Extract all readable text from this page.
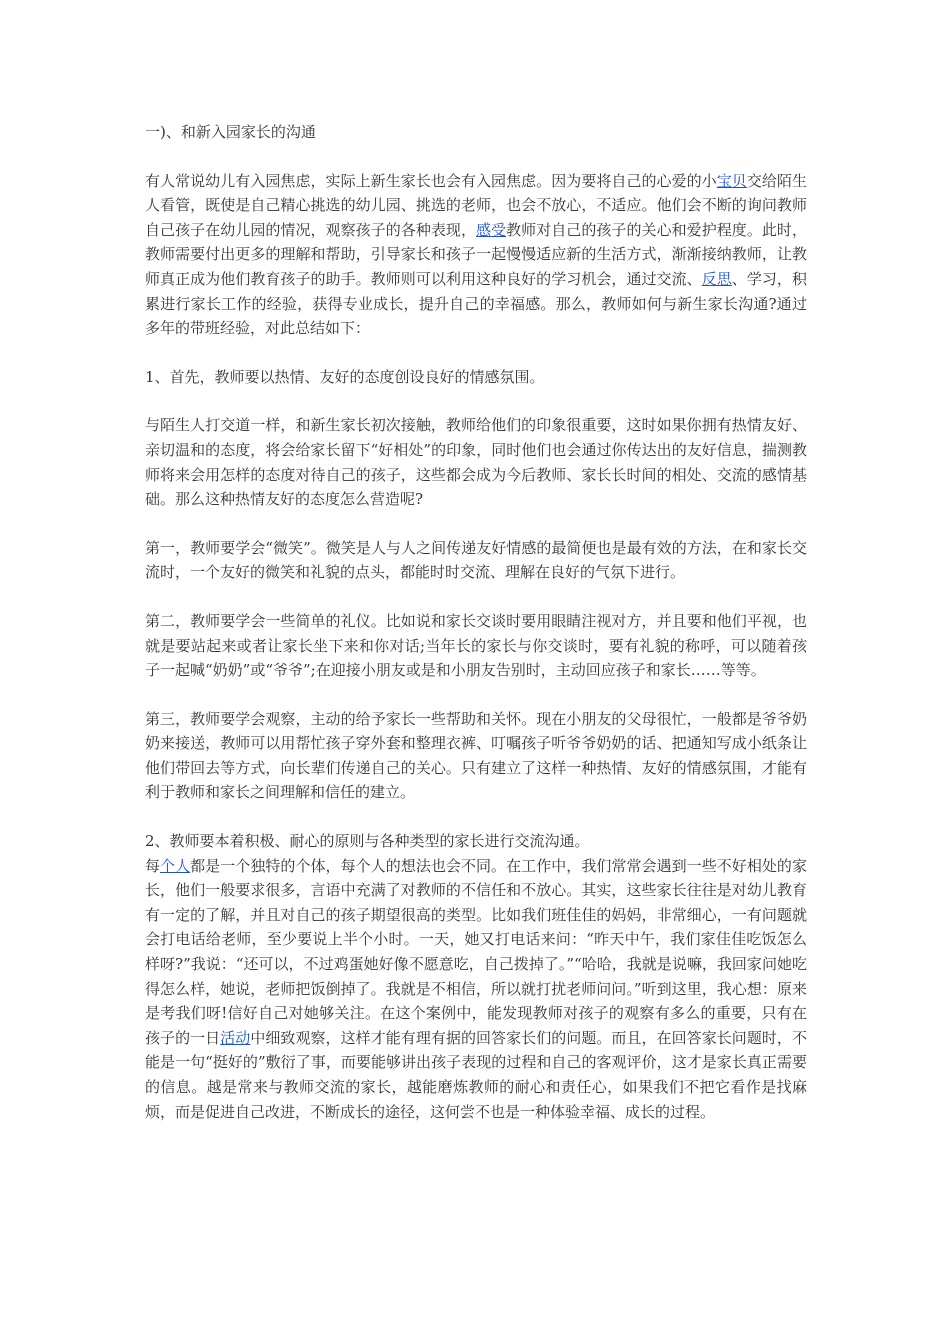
一)、和新入园家长的沟通

有人常说幼儿有入园焦虑，实际上新生家长也会有入园焦虑。因为要将自己的心爱的小宝贝交给陌生人看管，既使是自己精心挑选的幼儿园、挑选的老师，也会不放心，不适应。他们会不断的询问教师自己孩子在幼儿园的情况，观察孩子的各种表现，感受教师对自己的孩子的关心和爱护程度。此时，教师需要付出更多的理解和帮助，引导家长和孩子一起慢慢适应新的生活方式，渐渐接纳教师，让教师真正成为他们教育孩子的助手。教师则可以利用这种良好的学习机会，通过交流、反思、学习，积累进行家长工作的经验，获得专业成长，提升自己的幸福感。那么，教师如何与新生家长沟通?通过多年的带班经验，对此总结如下：

1、首先，教师要以热情、友好的态度创设良好的情感氛围。

与陌生人打交道一样，和新生家长初次接触，教师给他们的印象很重要，这时如果你拥有热情友好、亲切温和的态度，将会给家长留下“好相处”的印象，同时他们也会通过你传达出的友好信息，揣测教师将来会用怎样的态度对待自己的孩子，这些都会成为今后教师、家长长时间的相处、交流的感情基础。那么这种热情友好的态度怎么营造呢?

第一，教师要学会“微笑”。微笑是人与人之间传递友好情感的最简便也是最有效的方法，在和家长交流时，一个友好的微笑和礼貌的点头，都能时时交流、理解在良好的气氛下进行。

第二，教师要学会一些简单的礼仪。比如说和家长交谈时要用眼睛注视对方，并且要和他们平视，也就是要站起来或者让家长坐下来和你对话;当年长的家长与你交谈时，要有礼貌的称呼，可以随着孩子一起喊“奶奶”或“爷爷”;在迎接小朋友或是和小朋友告别时，主动回应孩子和家长……等等。

第三，教师要学会观察，主动的给予家长一些帮助和关怀。现在小朋友的父母很忙，一般都是爷爷奶奶来接送，教师可以用帮忙孩子穿外套和整理衣裤、叮嘱孩子听爷爷奶奶的话、把通知写成小纸条让他们带回去等方式，向长辈们传递自己的关心。只有建立了这样一种热情、友好的情感氛围，才能有利于教师和家长之间理解和信任的建立。

2、教师要本着积极、耐心的原则与各种类型的家长进行交流沟通。

每个人都是一个独特的个体，每个人的想法也会不同。在工作中，我们常常会遇到一些不好相处的家长，他们一般要求很多，言语中充满了对教师的不信任和不放心。其实，这些家长往往是对幼儿教育有一定的了解，并且对自己的孩子期望很高的类型。比如我们班佳佳的妈妈，非常细心，一有问题就会打电话给老师，至少要说上半个小时。一天，她又打电话来问：“昨天中午，我们家佳佳吃饭怎么样呀?”我说：“还可以，不过鸡蛋她好像不愿意吃，自己拨掉了。”“哈哈，我就是说嘛，我回家问她吃得怎么样，她说，老师把饭倒掉了。我就是不相信，所以就打扰老师问问。”听到这里，我心想：原来是考我们呀!信好自己对她够关注。在这个案例中，能发现教师对孩子的观察有多么的重要，只有在孩子的一日活动中细致观察，这样才能有理有据的回答家长们的问题。而且，在回答家长问题时，不能是一句“挺好的”敷衍了事，而要能够讲出孩子表现的过程和自己的客观评价，这才是家长真正需要的信息。越是常来与教师交流的家长，越能磨炼教师的耐心和责任心，如果我们不把它看作是找麻烦，而是促进自己改进，不断成长的途径，这何尝不也是一种体验幸福、成长的过程。
